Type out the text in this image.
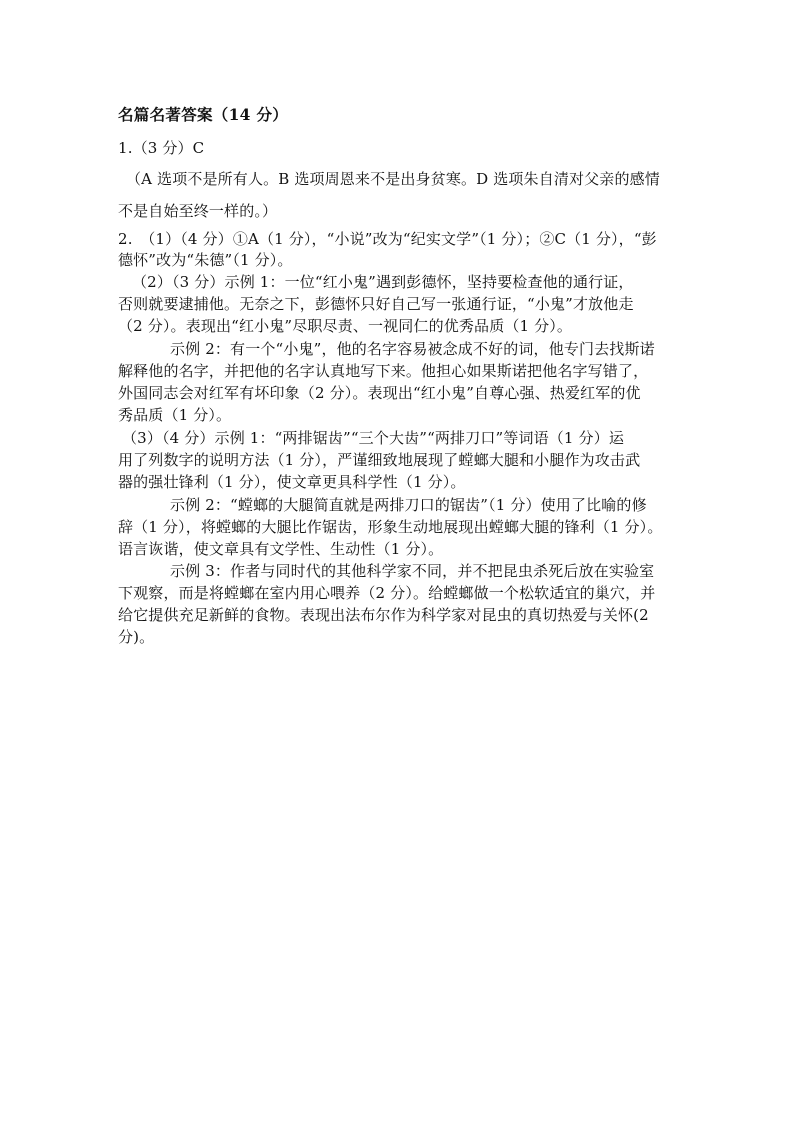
名篇名著答案（14 分）
1.（3 分）C
（A 选项不是所有人。B 选项周恩来不是出身贫寒。D 选项朱自清对父亲的感情
不是自始至终一样的。）
2.　（1）（4 分）①A（1 分），“小说”改为“纪实文学”（1 分）；②C（1 分），“彭
德怀”改为“朱德”（1 分）。
（2）（3 分）示例 1：一位“红小鬼”遇到彭德怀，坚持要检查他的通行证，
否则就要逮捕他。无奈之下，彭德怀只好自己写一张通行证，“小鬼”才放他走
（2 分）。表现出“红小鬼”尽职尽责、一视同仁的优秀品质（1 分）。
示例 2：有一个“小鬼”，他的名字容易被念成不好的词，他专门去找斯诺
解释他的名字，并把他的名字认真地写下来。他担心如果斯诺把他名字写错了，
外国同志会对红军有坏印象（2 分）。表现出“红小鬼”自尊心强、热爱红军的优
秀品质（1 分）。
（3）（4 分）示例 1：“两排锯齿”“三个大齿”“两排刀口”等词语（1 分）运
用了列数字的说明方法（1 分），严谨细致地展现了螳螂大腿和小腿作为攻击武
器的强壮锋利（1 分），使文章更具科学性（1 分）。
示例 2：“螳螂的大腿简直就是两排刀口的锯齿”（1 分）使用了比喻的修
辞（1 分），将螳螂的大腿比作锯齿，形象生动地展现出螳螂大腿的锋利（1 分）。
语言诙谐，使文章具有文学性、生动性（1 分）。
示例 3：作者与同时代的其他科学家不同，并不把昆虫杀死后放在实验室
下观察，而是将螳螂在室内用心喂养（2 分）。给螳螂做一个松软适宜的巢穴，并
给它提供充足新鲜的食物。表现出法布尔作为科学家对昆虫的真切热爱与关怀(2
分)。
